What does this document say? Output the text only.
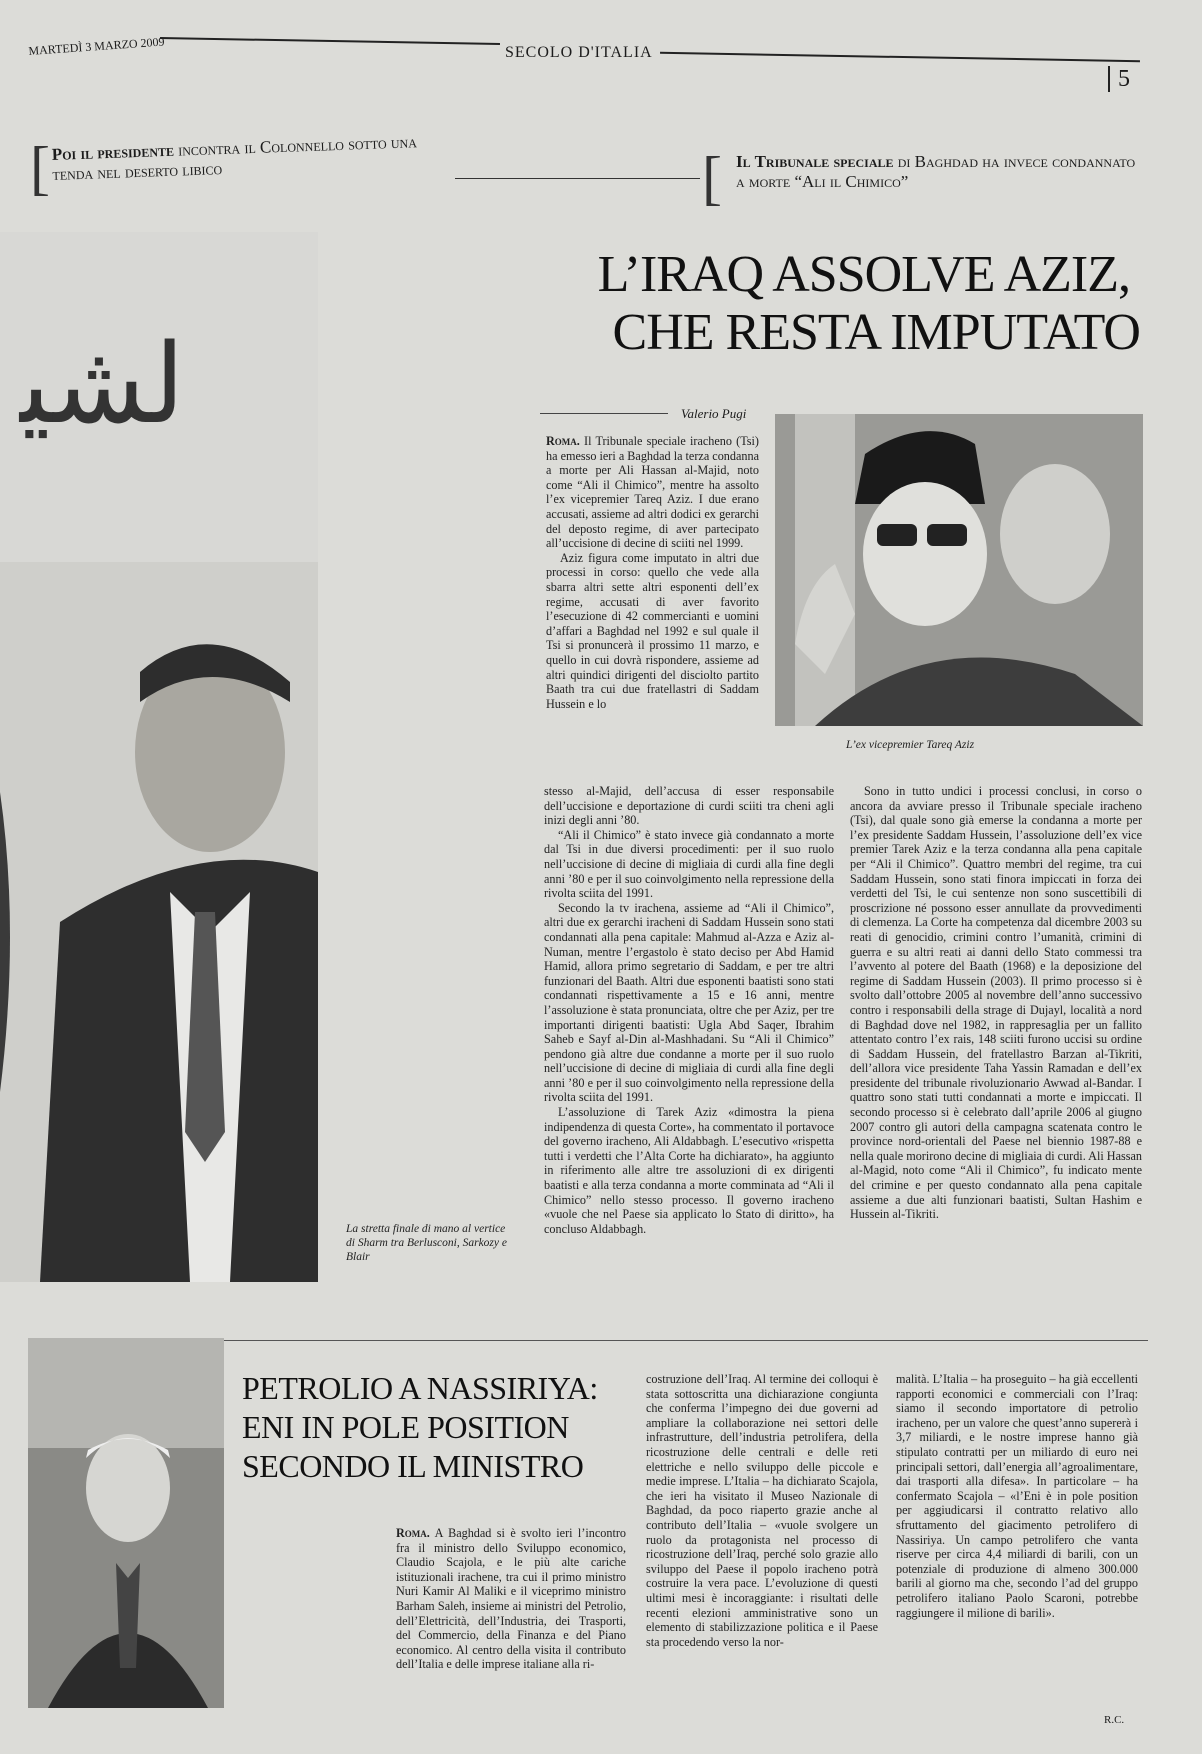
MARTEDÌ 3 MARZO 2009	SECOLO D'ITALIA
5
[ Poi il presidente incontra il Colonnello sotto una tenda nel deserto libico	[ Il Tribunale speciale di Baghdad ha invece condannato a morte “Ali il Chimico”
ﻟﺸﻴ
La stretta finale di mano al vertice di Sharm tra Berlusconi, Sarkozy e Blair
L’IRAQ ASSOLVE AZIZ,
CHE RESTA IMPUTATO
Valerio Pugi
L’ex vicepremier Tareq Aziz

Roma. Il Tribunale speciale iracheno (Tsi) ha emesso ieri a Baghdad la terza condanna a morte per Ali Hassan al-Majid, noto come “Ali il Chimico”, mentre ha assolto l’ex vicepremier Tareq Aziz. I due erano accusati, assieme ad altri dodici ex gerarchi del deposto regime, di aver partecipato all’uccisione di decine di sciiti nel 1999.

Aziz figura come imputato in altri due processi in corso: quello che vede alla sbarra altri sette altri esponenti dell’ex regime, accusati di aver favorito l’esecuzione di 42 commercianti e uomini d’affari a Baghdad nel 1992 e sul quale il Tsi si pronuncerà il prossimo 11 marzo, e quello in cui dovrà rispondere, assieme ad altri quindici dirigenti del disciolto partito Baath tra cui due fratellastri di Saddam Hussein e lo

stesso al-Majid, dell’accusa di esser responsabile dell’uccisione e deportazione di curdi sciiti tra cheni agli inizi degli anni ’80.

“Ali il Chimico” è stato invece già condannato a morte dal Tsi in due diversi procedimenti: per il suo ruolo nell’uccisione di decine di migliaia di curdi alla fine degli anni ’80 e per il suo coinvolgimento nella repressione della rivolta sciita del 1991.

Secondo la tv irachena, assieme ad “Ali il Chimico”, altri due ex gerarchi iracheni di Saddam Hussein sono stati condannati alla pena capitale: Mahmud al-Azza e Aziz al-Numan, mentre l’ergastolo è stato deciso per Abd Hamid Hamid, allora primo segretario di Saddam, e per tre altri funzionari del Baath. Altri due esponenti baatisti sono stati condannati rispettivamente a 15 e 16 anni, mentre l’assoluzione è stata pronunciata, oltre che per Aziz, per tre importanti dirigenti baatisti: Ugla Abd Saqer, Ibrahim Saheb e Sayf al-Din al-Mashhadani. Su “Ali il Chimico” pendono già altre due condanne a morte per il suo ruolo nell’uccisione di decine di migliaia di curdi alla fine degli anni ’80 e per il suo coinvolgimento nella repressione della rivolta sciita del 1991.

L’assoluzione di Tarek Aziz «dimostra la piena indipendenza di questa Corte», ha commentato il portavoce del governo iracheno, Ali Aldabbagh. L’esecutivo «rispetta tutti i verdetti che l’Alta Corte ha dichiarato», ha aggiunto in riferimento alle altre tre assoluzioni di ex dirigenti baatisti e alla terza condanna a morte comminata ad “Ali il Chimico” nello stesso processo. Il governo iracheno «vuole che nel Paese sia applicato lo Stato di diritto», ha concluso Aldabbagh.

Sono in tutto undici i processi conclusi, in corso o ancora da avviare presso il Tribunale speciale iracheno (Tsi), dal quale sono già emerse la condanna a morte per l’ex presidente Saddam Hussein, l’assoluzione dell’ex vice premier Tarek Aziz e la terza condanna alla pena capitale per “Ali il Chimico”. Quattro membri del regime, tra cui Saddam Hussein, sono stati finora impiccati in forza dei verdetti del Tsi, le cui sentenze non sono suscettibili di proscrizione né possono esser annullate da provvedimenti di clemenza. La Corte ha competenza dal dicembre 2003 su reati di genocidio, crimini contro l’umanità, crimini di guerra e su altri reati ai danni dello Stato commessi tra l’avvento al potere del Baath (1968) e la deposizione del regime di Saddam Hussein (2003). Il primo processo si è svolto dall’ottobre 2005 al novembre dell’anno successivo contro i responsabili della strage di Dujayl, località a nord di Baghdad dove nel 1982, in rappresaglia per un fallito attentato contro l’ex rais, 148 sciiti furono uccisi su ordine di Saddam Hussein, del fratellastro Barzan al-Tikriti, dell’allora vice presidente Taha Yassin Ramadan e dell’ex presidente del tribunale rivoluzionario Awwad al-Bandar. I quattro sono stati tutti condannati a morte e impiccati. Il secondo processo si è celebrato dall’aprile 2006 al giugno 2007 contro gli autori della campagna scatenata contro le province nord-orientali del Paese nel biennio 1987-88 e nella quale morirono decine di migliaia di curdi. Ali Hassan al-Magid, noto come “Ali il Chimico”, fu indicato mente del crimine e per questo condannato alla pena capitale assieme a due alti funzionari baatisti, Sultan Hashim e Hussein al-Tikriti.

PETROLIO A NASSIRIYA:
ENI IN POLE POSITION
SECONDO IL MINISTRO

Roma. A Baghdad si è svolto ieri l’incontro fra il ministro dello Sviluppo economico, Claudio Scajola, e le più alte cariche istituzionali irachene, tra cui il primo ministro Nuri Kamir Al Maliki e il viceprimo ministro Barham Saleh, insieme ai ministri del Petrolio, dell’Elettricità, dell’Industria, dei Trasporti, del Commercio, della Finanza e del Piano economico. Al centro della visita il contributo dell’Italia e delle imprese italiane alla ri-

costruzione dell’Iraq. Al termine dei colloqui è stata sottoscritta una dichiarazione congiunta che conferma l’impegno dei due governi ad ampliare la collaborazione nei settori delle infrastrutture, dell’industria petrolifera, della ricostruzione delle centrali e delle reti elettriche e nello sviluppo delle piccole e medie imprese. L’Italia – ha dichiarato Scajola, che ieri ha visitato il Museo Nazionale di Baghdad, da poco riaperto grazie anche al contributo dell’Italia – «vuole svolgere un ruolo da protagonista nel processo di ricostruzione dell’Iraq, perché solo grazie allo sviluppo del Paese il popolo iracheno potrà costruire la vera pace. L’evoluzione di questi ultimi mesi è incoraggiante: i risultati delle recenti elezioni amministrative sono un elemento di stabilizzazione politica e il Paese sta procedendo verso la nor-

malità. L’Italia – ha proseguito – ha già eccellenti rapporti economici e commerciali con l’Iraq: siamo il secondo importatore di petrolio iracheno, per un valore che quest’anno supererà i 3,7 miliardi, e le nostre imprese hanno già stipulato contratti per un miliardo di euro nei principali settori, dall’energia all’agroalimentare, dai trasporti alla difesa». In particolare – ha confermato Scajola – «l’Eni è in pole position per aggiudicarsi il contratto relativo allo sfruttamento del giacimento petrolifero di Nassiriya. Un campo petrolifero che vanta riserve per circa 4,4 miliardi di barili, con un potenziale di produzione di almeno 300.000 barili al giorno ma che, secondo l’ad del gruppo petrolifero italiano Paolo Scaroni, potrebbe raggiungere il milione di barili».

R.C.
